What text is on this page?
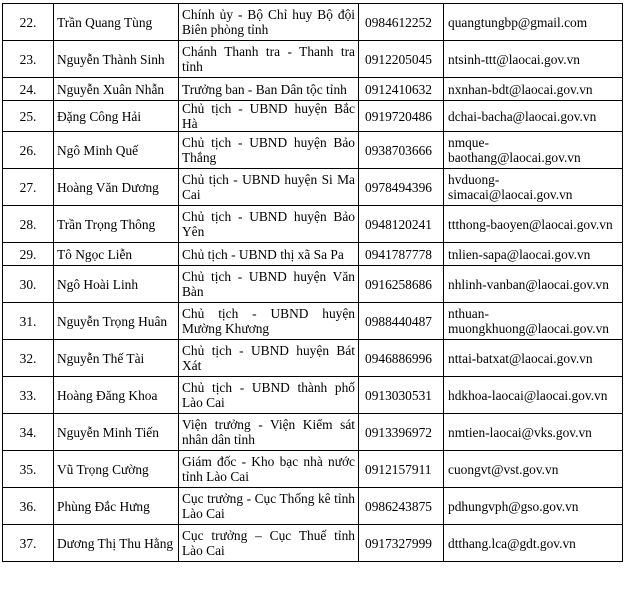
22.	Trần Quang Tùng	Chính ủy - Bộ Chỉ huy Bộ đội Biên phòng tỉnh	0984612252	quangtungbp@gmail.com
23.	Nguyễn Thành Sinh	Chánh Thanh tra - Thanh tra tỉnh	0912205045	ntsinh-ttt@laocai.gov.vn
24.	Nguyễn Xuân Nhẫn	Trưởng ban - Ban Dân tộc tỉnh	0912410632	nxnhan-bdt@laocai.gov.vn
25.	Đặng Công Hải	Chủ tịch - UBND huyện Bắc Hà	0919720486	dchai-bacha@laocai.gov.vn
26.	Ngô Minh Quế	Chủ tịch - UBND huyện Bảo Thắng	0938703666	nmque-baothang@laocai.gov.vn
27.	Hoàng Văn Dương	Chủ tịch - UBND huyện Si Ma Cai	0978494396	hvduong-simacai@laocai.gov.vn
28.	Trần Trọng Thông	Chủ tịch - UBND huyện Bảo Yên	0948120241	ttthong-baoyen@laocai.gov.vn
29.	Tô Ngọc Liễn	Chủ tịch - UBND thị xã Sa Pa	0941787778	tnlien-sapa@laocai.gov.vn
30.	Ngô Hoài Linh	Chủ tịch - UBND huyện Văn Bàn	0916258686	nhlinh-vanban@laocai.gov.vn
31.	Nguyễn Trọng Huân	Chủ tịch - UBND huyện Mường Khương	0988440487	nthuan-muongkhuong@laocai.gov.vn
32.	Nguyễn Thế Tài	Chủ tịch - UBND huyện Bát Xát	0946886996	nttai-batxat@laocai.gov.vn
33.	Hoàng Đăng Khoa	Chủ tịch - UBND thành phố Lào Cai	0913030531	hdkhoa-laocai@laocai.gov.vn
34.	Nguyễn Minh Tiến	Viện trưởng - Viện Kiểm sát nhân dân tỉnh	0913396972	nmtien-laocai@vks.gov.vn
35.	Vũ Trọng Cường	Giám đốc - Kho bạc nhà nước tỉnh Lào Cai	0912157911	cuongvt@vst.gov.vn
36.	Phùng Đắc Hưng	Cục trưởng - Cục Thống kê tỉnh Lào Cai	0986243875	pdhungvph@gso.gov.vn
37.	Dương Thị Thu Hằng	Cục trưởng – Cục Thuế tỉnh Lào Cai	0917327999	dtthang.lca@gdt.gov.vn
